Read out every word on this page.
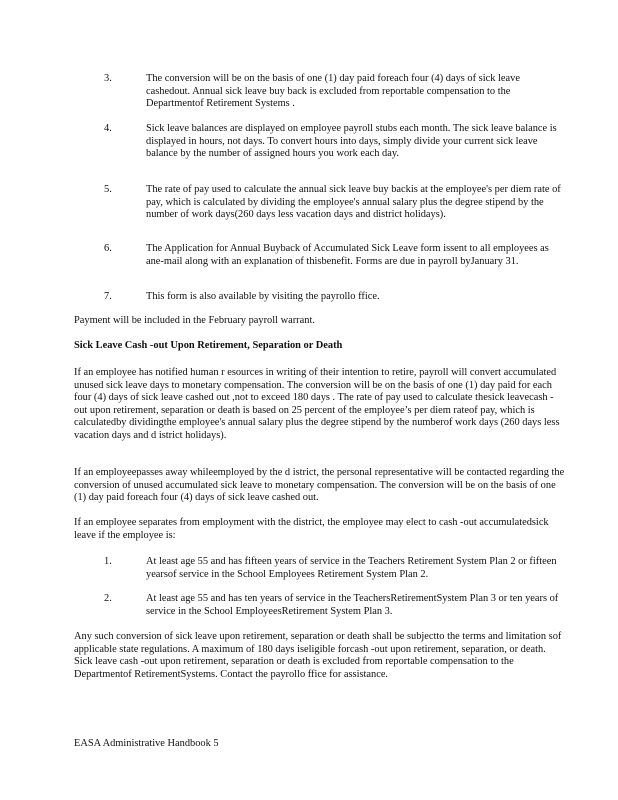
3.	The conversion will be on the basis of one (1) day paid foreach four (4) days of sick leave cashedout. Annual sick leave buy back is excluded from reportable compensation to the Departmentof Retirement Systems .
4.	Sick leave balances are displayed on employee payroll stubs each month. The sick leave balance is displayed in hours, not days. To convert hours into days, simply divide your current sick leave balance by the number of assigned hours you work each day.
5.	The rate of pay used to calculate the annual sick leave buy backis at the employee's per diem rate of pay, which is calculated by dividing the employee's annual salary plus the degree stipend by the number of work days(260 days less vacation days and district holidays).
6.	The Application for Annual Buyback of Accumulated Sick Leave form issent to all employees as ane-mail along with an explanation of thisbenefit. Forms are due in payroll byJanuary 31.
7.	This form is also available by visiting the payrollo ffice.
Payment will be included in the February payroll warrant.
Sick Leave Cash -out Upon Retirement, Separation or Death
If an employee has notified human r esources in writing of their intention to retire, payroll will convert accumulated unused sick leave days to monetary compensation. The conversion will be on the basis of one (1) day paid for each four (4) days of sick leave cashed out ,not to exceed 180 days . The rate of pay used to calculate thesick leavecash -out upon retirement, separation or death is based on 25 percent of the employee’s per diem rateof pay, which is calculatedby dividingthe employee's annual salary plus the degree stipend by the numberof work days (260 days less vacation days and d istrict holidays).
If an employeepasses away whileemployed by the d istrict, the personal representative will be contacted regarding the conversion of unused accumulated sick leave to monetary compensation. The conversion will be on the basis of one (1) day paid foreach four (4) days of sick leave cashed out.
If an employee separates from employment with the district, the employee may elect to cash -out accumulatedsick leave if the employee is:
1.	At least age 55 and has fifteen years of service in the Teachers Retirement System Plan 2 or fifteen yearsof service in the School Employees Retirement System Plan 2.
2.	At least age 55 and has ten years of service in the TeachersRetirementSystem Plan 3 or ten years of service in the School EmployeesRetirement System Plan 3.
Any such conversion of sick leave upon retirement, separation or death shall be subjectto the terms and limitation sof applicable state regulations. A maximum of 180 days iseligible forcash -out upon retirement, separation, or death. Sick leave cash -out upon retirement, separation or death is excluded from reportable compensation to the Departmentof RetirementSystems. Contact the payrollo ffice for assistance.
EASA Administrative Handbook 5
